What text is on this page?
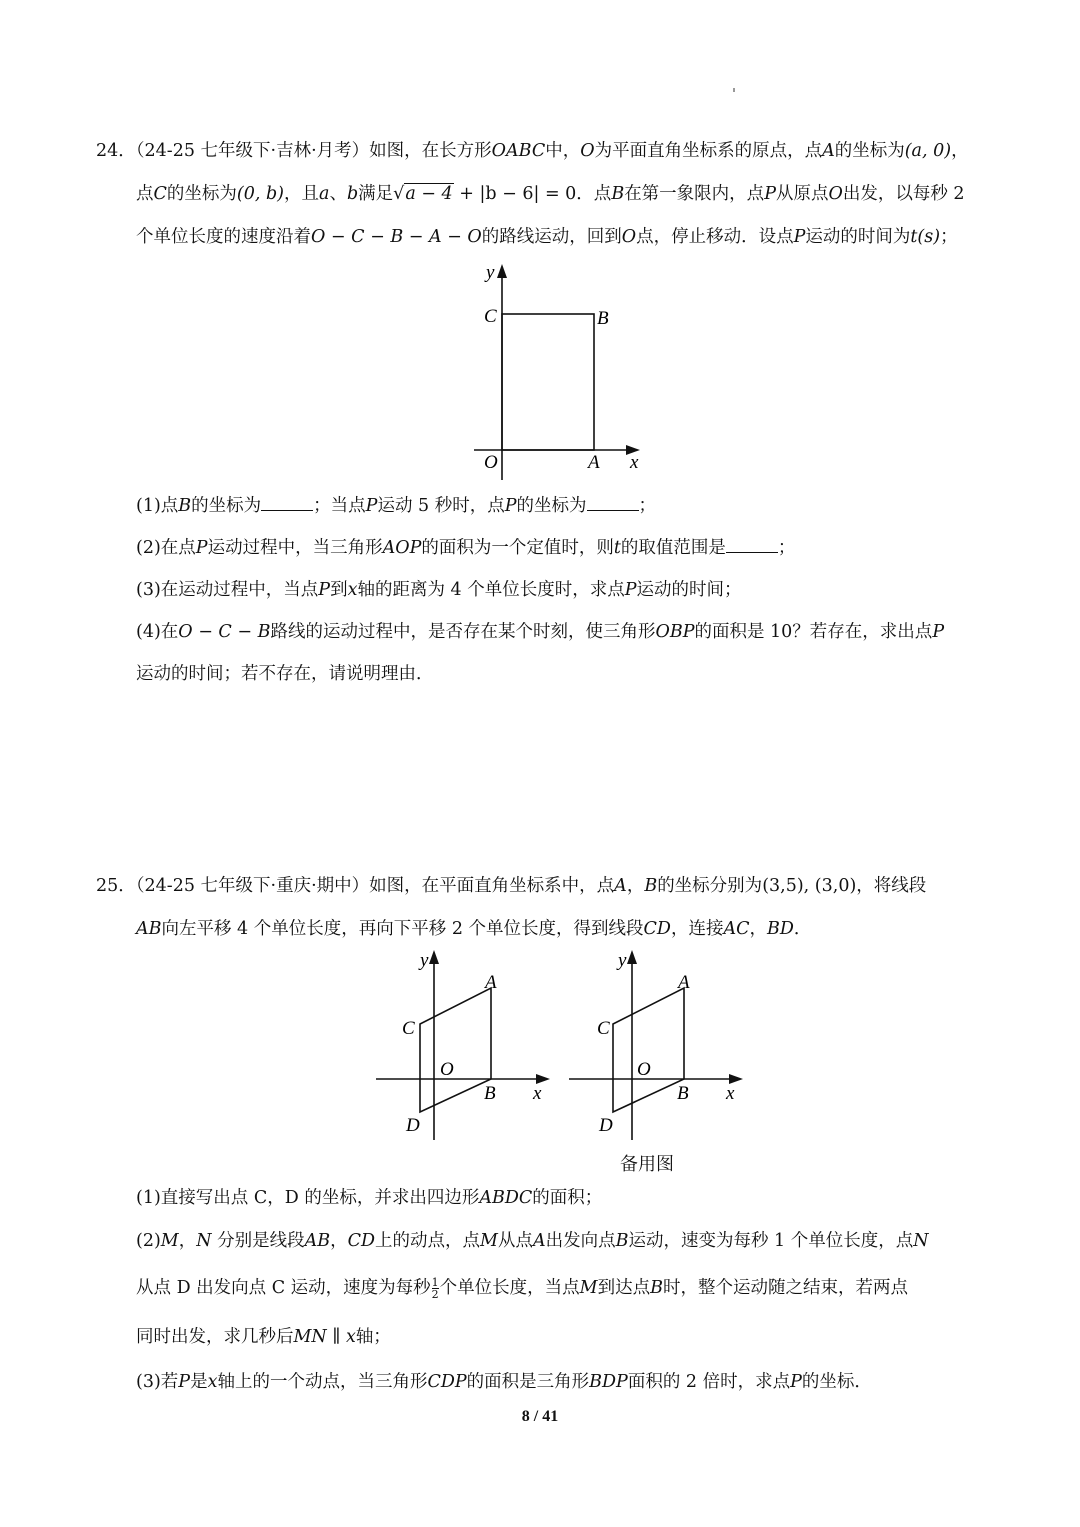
24．（24-25 七年级下·吉林·月考）如图，在长方形OABC中，O为平面直角坐标系的原点，点A的坐标为(a, 0)，
点C的坐标为(0, b)，且a、b满足√a − 4 + |b − 6| = 0．点B在第一象限内，点P从原点O出发，以每秒 2
个单位长度的速度沿着O − C − B − A − O的路线运动，回到O点，停止移动．设点P运动的时间为t(s)；
y
C	B
O	A x
(1)点B的坐标为	；当点P运动 5 秒时，点P的坐标为	；
(2)在点P运动过程中，当三角形AOP的面积为一个定值时，则t的取值范围是	；
(3)在运动过程中，当点P到x轴的距离为 4 个单位长度时，求点P运动的时间；
(4)在O − C − B路线的运动过程中，是否存在某个时刻，使三角形OBP的面积是 10？若存在，求出点P
运动的时间；若不存在，请说明理由．
25．（24-25 七年级下·重庆·期中）如图，在平面直角坐标系中，点A，B的坐标分别为(3,5), (3,0)，将线段
AB向左平移 4 个单位长度，再向下平移 2 个单位长度，得到线段CD，连接AC，BD．
y
A
C
O
B x
D
y
A
C
O
B x
D
备用图
(1)直接写出点 C，D 的坐标，并求出四边形ABDC的面积；
(2)M，N 分别是线段AB，CD上的动点，点M从点A出发向点B运动，速变为每秒 1 个单位长度，点N
从点 D 出发向点 C 运动，速度为每秒 $\frac{1}{2}$ 个单位长度，当点M到达点B时，整个运动随之结束，若两点
同时出发，求几秒后MN ∥ x轴；
(3)若P是x轴上的一个动点，当三角形CDP的面积是三角形BDP面积的 2 倍时，求点P的坐标．
8 / 41
